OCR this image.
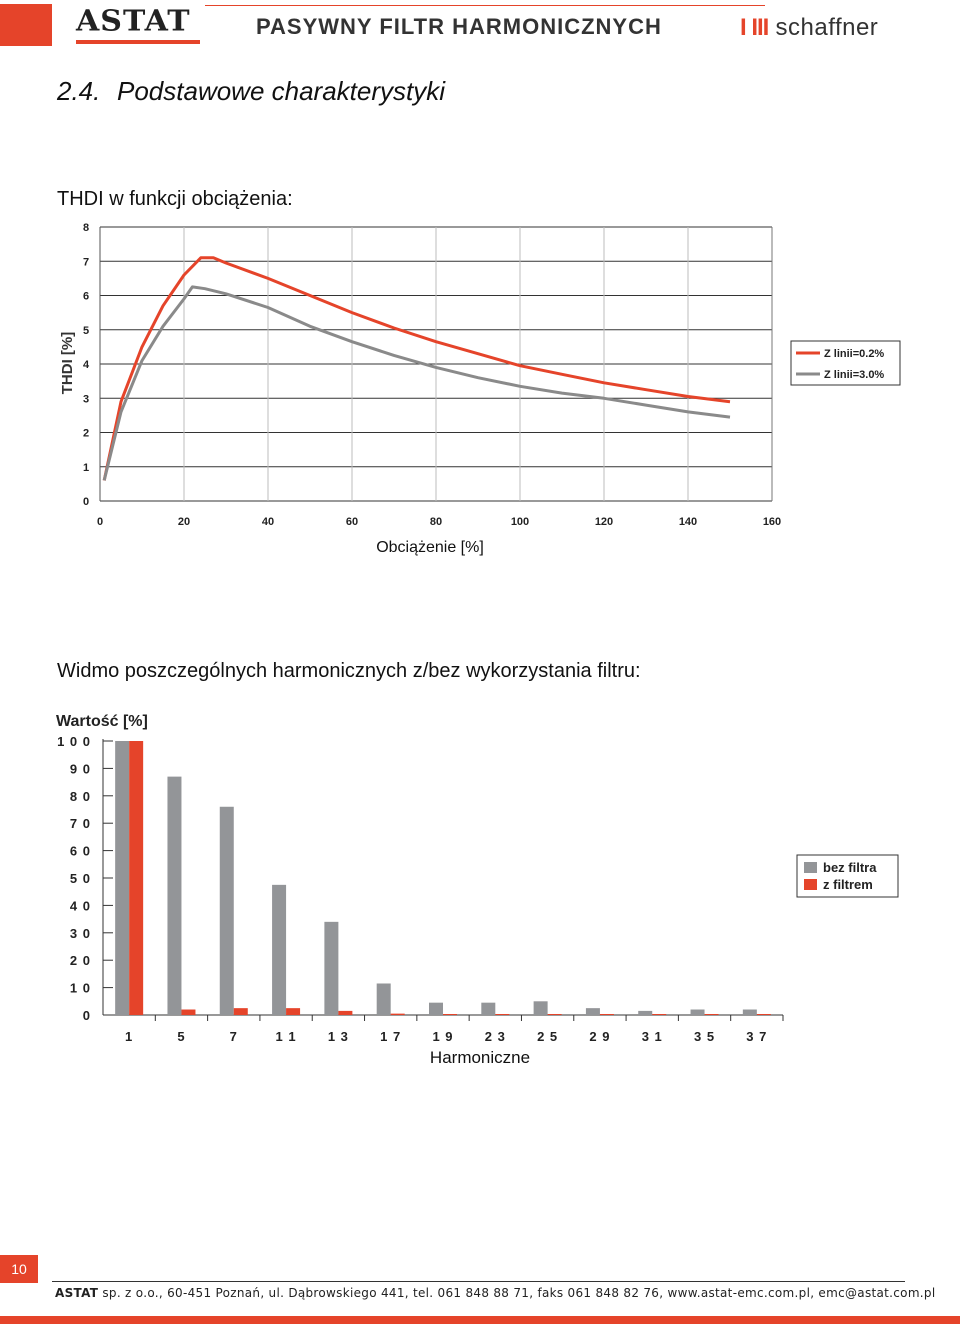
ASTAT	PASYWNY FILTR HARMONICZNYCH	I III schaffner
2.4. Podstawowe charakterystyki
THDI w funkcji obciążenia:
0
1
2
3
4
5
6
7
8
0	20	40	60	80	100	120	140	160
THDI [%]
Obciążenie [%]
Z linii=0.2%
Z linii=3.0%
Widmo poszczególnych harmonicznych z/bez wykorzystania filtru:
Wartość [%]
0
1 0
2 0
3 0
4 0
5 0
6 0
7 0
8 0
9 0
1 0 0
1	5	7	1 1 1 3 1 7 1 9 2 3 2 5 2 9 3 1 3 5 3 7
Harmoniczne
bez filtra
z filtrem
10
ASTAT sp. z o.o., 60-451 Poznań, ul. Dąbrowskiego 441, tel. 061 848 88 71, faks 061 848 82 76, www.astat-emc.com.pl, emc@astat.com.pl
